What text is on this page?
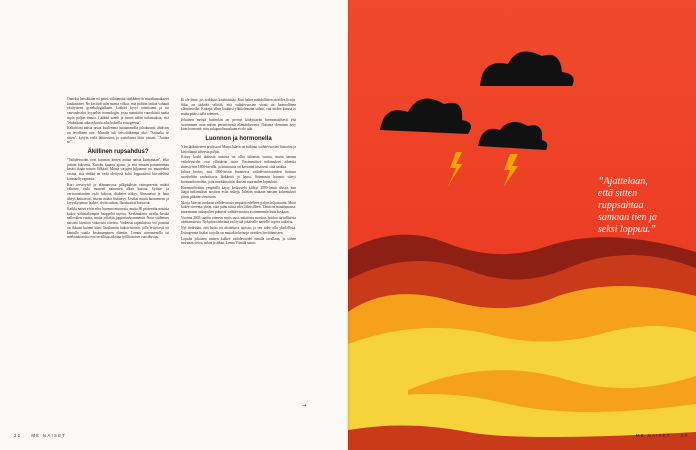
Onneksi hetsikkaan nä paitsi välitämättä sääkkämyös muodinmukaiset kuukautiset. Ne kestivät niin monta vilkoa, että pidätin laittaa vahanit yksityiseen gynekologiaikaan. Lääkäri kysyi voimistani ja sai vauvaukseksi kyynelset nounologin, jossa mainittiin vuorokäsiä tuutta myös paljon muuta. Lääkäri saneli ja ennen näkin tutkimuksia, että "ehdotkaan aikaan koulu aika kokeilla estrogeenia".

Kaltaisiani naisia ravaa kuulemma tuutaanmolla joltakuunti: ahdistus on tavallinen oire. Minulle tuli toivoltukaanpi oko. "Sattaako se sitten", kysyin vielä lähtiessäni, ja vastohtava lääri vastasi: "Auttaa se".

Äkillinen rupsahdus?

"Vaihdevuodet ovat kuomon kerien auttaa naisia kaatumaan", eikö juttuin kaksenit. Kutoku kuuntu ajatus, ja että ennaan paraamuman kesäsi ikään naisen flilkkaä. Muuta sarjojen hiljaanna voi muutenkin vastua, että sinkkä on vedä olettyssä kohti loppuaiässä kiivodeliisä kosmaeltyvapeasta.

Kuri terveryisä ja elämamyssa pilkpituksin estrogeeenin määrä vähenee, riuki monesti nainosten alkaa kasvaa. Syöäte- ja verisuonitautien riski kohoaa, diabetes näkyy, lihasmassa ja luun tiheys kattoisvat, rasvan määrä lisääntyy. Lisäksi miniä huomeneen ja kryyskytymuo laakee, oivän saikan, Ihoaksaivat kuivuvat.

Kaikki naiset eivät edes huomaa muutosta, mutta 80 prosenttia naisista kokee vähintäkympin haappeltä oireita. Keskimäärin oireilu kestää nellevälen vuotta, mutta jollakin joppuriavkymmentä. Noin viidennes naisista kärsiiön vakavista oireista. Vaikeissi tapauksissa voi puuttua on ikkuan kuinen kärsi lässilumiin kaksivistoista, jolla erityisesti on kantulla vaatla kesänumpinen elämiin. Lemuu uuvomenella tai mielaaukseoita ovat tavallisia aikoina työllisisoiset vuosikuvan.

Ei ole ihme, jos erakkuus kauhistuttaa. Kun hakee mahdollisten oireiden listoja. Siksi on tärkeää selittää, että vaihdevuosien vienti on luonnollinen elämänvaihe. Kukapa vihin kuuluisi yläittelemään siihen, että niiden kanssa ei muka pitäisi tulla toimeen.

Jokainen meistä kuitenkin on perinyt kätkyttävän hormonaalisesti yhä suurimman osan naisen perinteisestä elämänkuvasta. Naisena oleminen myy kuin hormonit, niin sukupuolisuuskaan ei ole tuki.

Luonnon ja hormonella

Yleislääketieteen professori Marja Jalava on tutkinut vaihdevuosien historiaa ja kirjoittanut aiheesta paljon.

Kiiruy koski ikäisistä naisista on ollut tuhansia vuosia, mutta sanana vaihdevuodet ovat yllättävän tuore. Ensimmäiset tutkimukset aiheesta ilmestyivät 1800-luvulla, ja kiinnostus on kasvanut tasaisesti siitä saakka.

Jalava kertoo, että 1960-luvun Suomessa vaihdevuosioireiden hoitoon suositeltiin rauhoittavia lääkkeitä ja lepoa. Sittemmin huomio siirtyi hormonihoitoihin, joita markkinoitiin ikuisen nuoruuden lupauksin.

Hormonihoidon ympärillä käyty keskustelu kiihtyi 2000-luvun alussa, kun laajat tutkimukset nostivat esiin riskejä. Jalavan mukaan naisten kokemukset jäivät pitkään sivuosaan.

Marja Jalavan mukaan vaihdevuosia ympäröi edelleen paljon hiljaisuutta. Moni kokee oireensa yksin, eikä puhu niistä edes läheisilleen. Tämä on muuttumassa: nuoremmat sukupolvet puhuvat vaihdevuosista avoimemmin kuin koskaan.

Vuonna 2003 saatiin viimein myös uusi, mitattava suositus hoidon turvallisesta aloittamisesta. Nykyään tärkeintä on löytää jokaiselle naiselle sopiva ratkaisu.

Nyt tiedetään, että hoito on aloitettava ajoissa, ja sen tulee olla yksilöllistä. Estrogeenin lisäksi tarjolla on muitakin keinoja oireiden lievittämiseen.

Lopulta jokainen nainen kulkee vaihdevuodet omalla tavallaan, ja siihen tarvitaan tietoa, tukea ja aikaa, Leena Väisälä sanoo.

→
22 ME NAISET
”Ajattelaan, että sitten ruppsahtaa samaan tien ja seksi loppuu.”
ME NAISET 23
